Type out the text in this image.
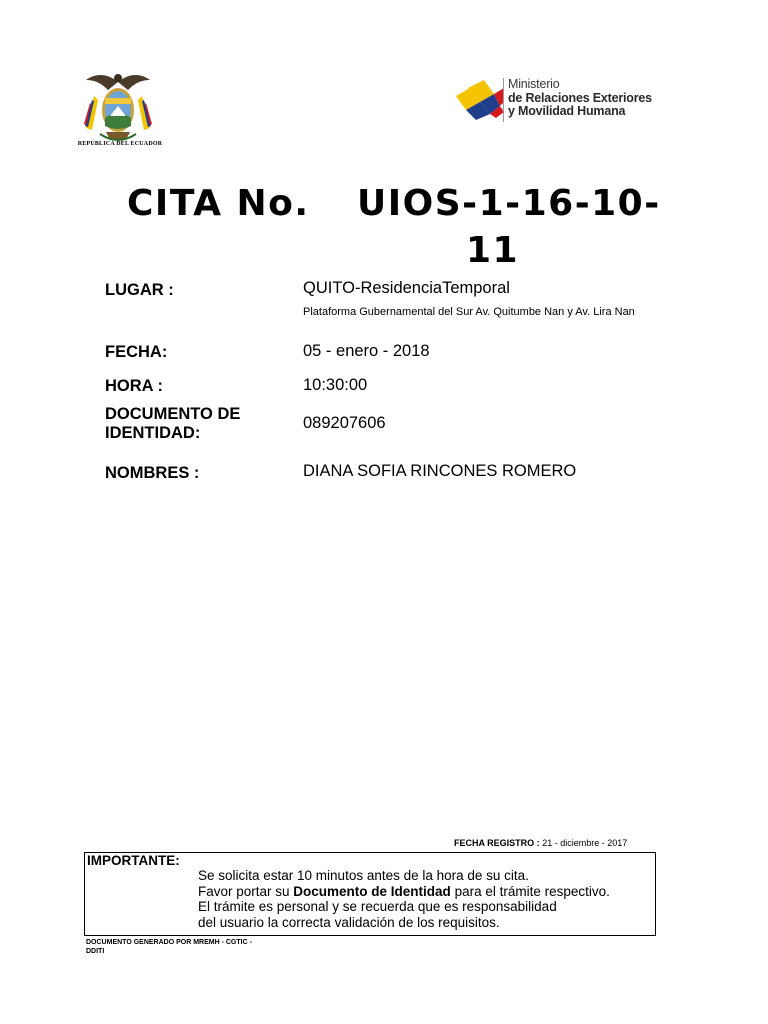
REPÚBLICA DEL ECUADOR
Ministerio
de Relaciones Exteriores
y Movilidad Humana
CITA No. UIOS-1-16-10-
11
LUGAR :	QUITO-ResidenciaTemporal
Plataforma Gubernamental del Sur Av. Quitumbe Nan y Av. Lira Nan
FECHA:	05 - enero - 2018
HORA :	10:30:00
DOCUMENTO DE
IDENTIDAD:
089207606
NOMBRES :	DIANA SOFIA RINCONES ROMERO
FECHA REGISTRO : 21 - diciembre - 2017
IMPORTANTE:
Se solicita estar 10 minutos antes de la hora de su cita.
Favor portar su Documento de Identidad para el trámite respectivo.
El trámite es personal y se recuerda que es responsabilidad
del usuario la correcta validación de los requisitos.
DOCUMENTO GENERADO POR MREMH - CGTIC -
DDITI
